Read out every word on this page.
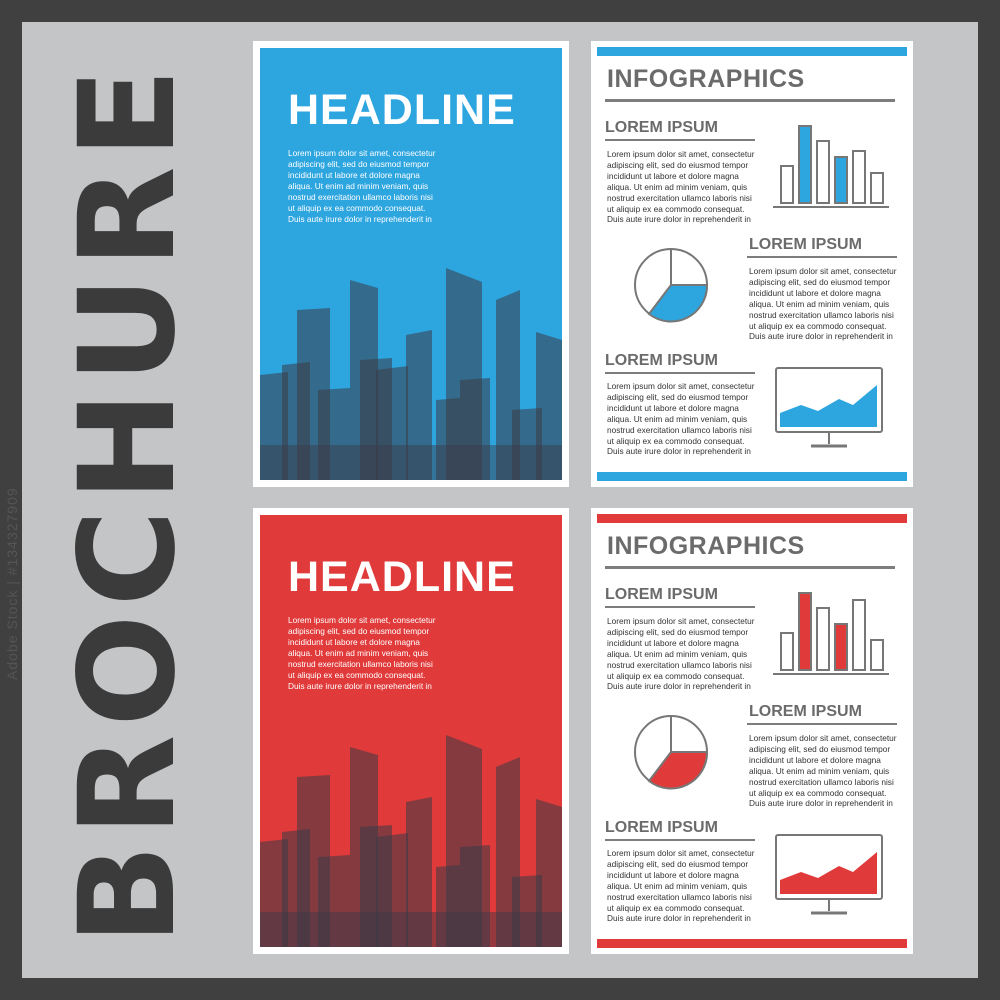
BROCHURE
Adobe Stock | #134327909
HEADLINE
Lorem ipsum dolor sit amet, consectetur
adipiscing elit, sed do eiusmod tempor
incididunt ut labore et dolore magna
aliqua. Ut enim ad minim veniam, quis
nostrud exercitation ullamco laboris nisi
ut aliquip ex ea commodo consequat.
Duis aute irure dolor in reprehenderit in
HEADLINE
Lorem ipsum dolor sit amet, consectetur
adipiscing elit, sed do eiusmod tempor
incididunt ut labore et dolore magna
aliqua. Ut enim ad minim veniam, quis
nostrud exercitation ullamco laboris nisi
ut aliquip ex ea commodo consequat.
Duis aute irure dolor in reprehenderit in
INFOGRAPHICS
LOREM IPSUM
Lorem ipsum dolor sit amet, consectetur
adipiscing elit, sed do eiusmod tempor
incididunt ut labore et dolore magna
aliqua. Ut enim ad minim veniam, quis
nostrud exercitation ullamco laboris nisi
ut aliquip ex ea commodo consequat.
Duis aute irure dolor in reprehenderit in
LOREM IPSUM
Lorem ipsum dolor sit amet, consectetur
adipiscing elit, sed do eiusmod tempor
incididunt ut labore et dolore magna
aliqua. Ut enim ad minim veniam, quis
nostrud exercitation ullamco laboris nisi
ut aliquip ex ea commodo consequat.
Duis aute irure dolor in reprehenderit in
LOREM IPSUM
Lorem ipsum dolor sit amet, consectetur
adipiscing elit, sed do eiusmod tempor
incididunt ut labore et dolore magna
aliqua. Ut enim ad minim veniam, quis
nostrud exercitation ullamco laboris nisi
ut aliquip ex ea commodo consequat.
Duis aute irure dolor in reprehenderit in
INFOGRAPHICS
LOREM IPSUM
Lorem ipsum dolor sit amet, consectetur
adipiscing elit, sed do eiusmod tempor
incididunt ut labore et dolore magna
aliqua. Ut enim ad minim veniam, quis
nostrud exercitation ullamco laboris nisi
ut aliquip ex ea commodo consequat.
Duis aute irure dolor in reprehenderit in
LOREM IPSUM
Lorem ipsum dolor sit amet, consectetur
adipiscing elit, sed do eiusmod tempor
incididunt ut labore et dolore magna
aliqua. Ut enim ad minim veniam, quis
nostrud exercitation ullamco laboris nisi
ut aliquip ex ea commodo consequat.
Duis aute irure dolor in reprehenderit in
LOREM IPSUM
Lorem ipsum dolor sit amet, consectetur
adipiscing elit, sed do eiusmod tempor
incididunt ut labore et dolore magna
aliqua. Ut enim ad minim veniam, quis
nostrud exercitation ullamco laboris nisi
ut aliquip ex ea commodo consequat.
Duis aute irure dolor in reprehenderit in
